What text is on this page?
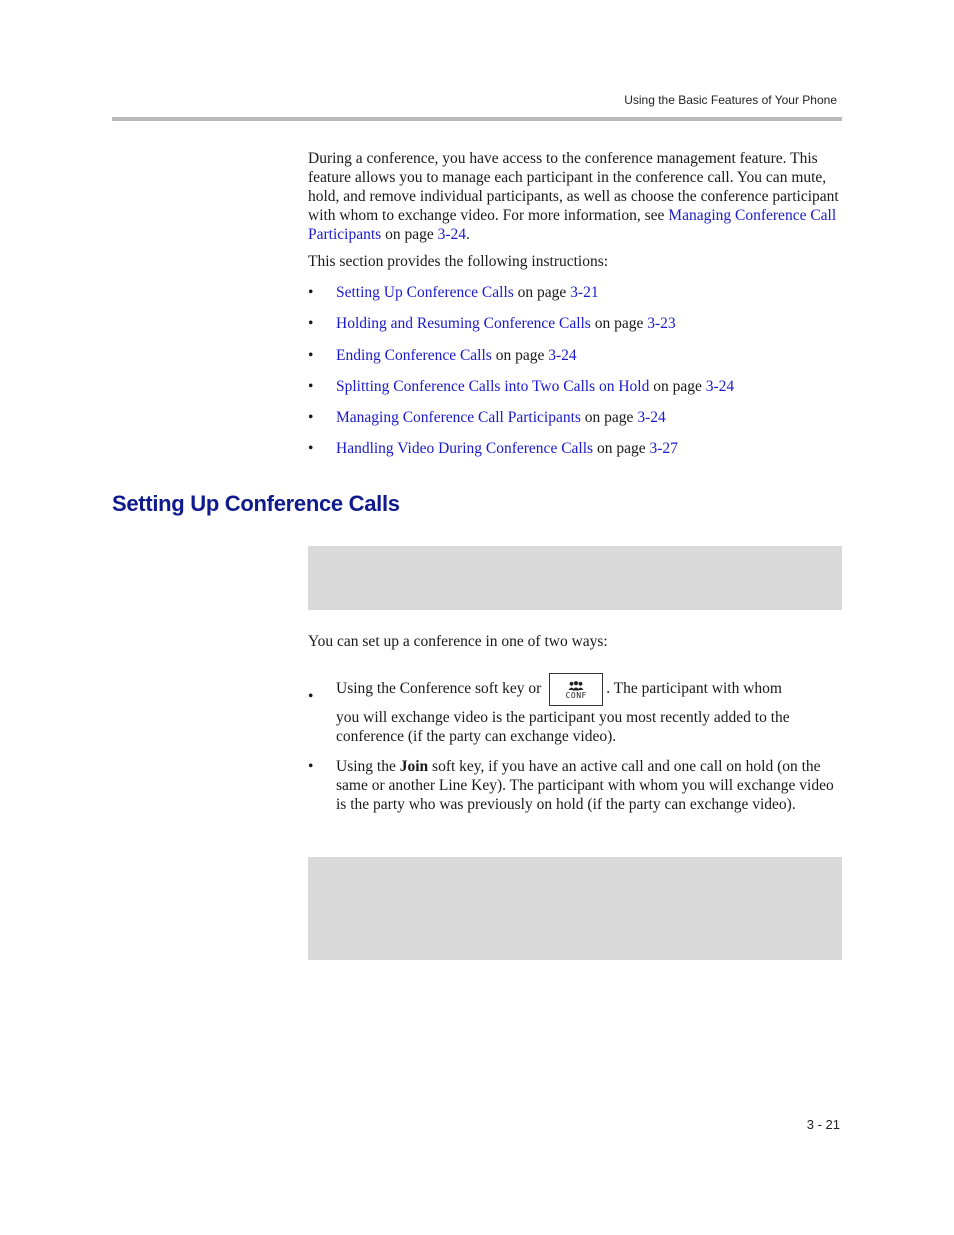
Using the Basic Features of Your Phone

During a conference, you have access to the conference management feature. This feature allows you to manage each participant in the conference call. You can mute, hold, and remove individual participants, as well as choose the conference participant with whom to exchange video. For more information, see Managing Conference Call Participants on page 3-24.

This section provides the following instructions:

• Setting Up Conference Calls on page 3-21
• Holding and Resuming Conference Calls on page 3-23
• Ending Conference Calls on page 3-24
• Splitting Conference Calls into Two Calls on Hold on page 3-24
• Managing Conference Call Participants on page 3-24
• Handling Video During Conference Calls on page 3-27
Setting Up Conference Calls

You can set up a conference in one of two ways:

• Using the Conference soft key or	CONF	. The participant with whom
you will exchange video is the participant you most recently added to the conference (if the party can exchange video).
• Using the Join soft key, if you have an active call and one call on hold (on the same or another Line Key). The participant with whom you will exchange video is the party who was previously on hold (if the party can exchange video).
3 - 21
